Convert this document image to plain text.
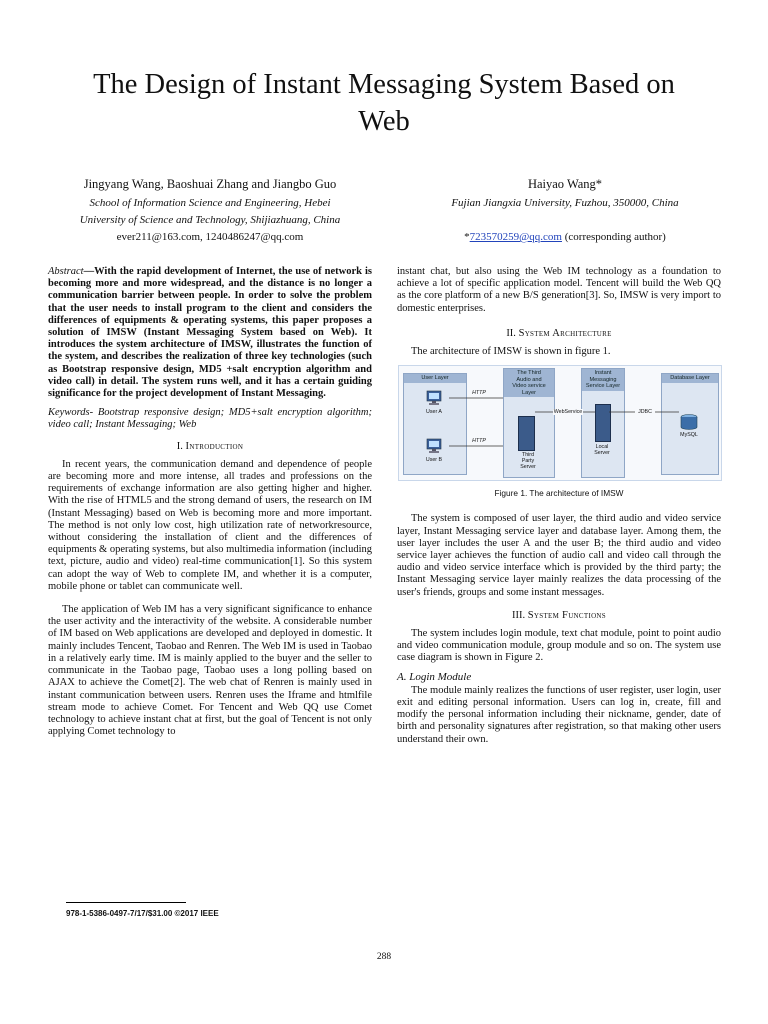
The Design of Instant Messaging System Based on
Web
Jingyang Wang, Baoshuai Zhang and Jiangbo Guo
School of Information Science and Engineering, Hebei
University of Science and Technology, Shijiazhuang, China
ever211@163.com, 1240486247@qq.com
Haiyao Wang*
Fujian Jiangxia University, Fuzhou, 350000, China
*723570259@qq.com (corresponding author)

Abstract—With the rapid development of Internet, the use of network is becoming more and more widespread, and the distance is no longer a communication barrier between people. In order to solve the problem that the user needs to install program to the client and considers the differences of equipments & operating systems, this paper proposes a solution of IMSW (Instant Messaging System based on Web). It introduces the system architecture of IMSW, illustrates the function of the system, and describes the realization of three key technologies (such as Bootstrap responsive design, MD5 +salt encryption algorithm and video call) in detail. The system runs well, and it has a certain guiding significance for the project development of Instant Messaging.

Keywords- Bootstrap responsive design; MD5+salt encryption algorithm; video call; Instant Messaging; Web

I. Introduction

In recent years, the communication demand and dependence of people are becoming more and more intense, all trades and professions on the requirements of exchange information are also getting higher and higher. With the rise of HTML5 and the strong demand of users, the research on IM (Instant Messaging) based on Web is becoming more and more important. The method is not only low cost, high utilization rate of networkresource, without considering the installation of client and the differences of equipments & operating systems, but also multimedia information (including text, picture, audio and video) real-time communication[1]. So this system can adopt the way of Web to complete IM, and whether it is a computer, mobile phone or tablet can communicate well.

The application of Web IM has a very significant significance to enhance the user activity and the interactivity of the website. A considerable number of IM based on Web applications are developed and deployed in domestic. It mainly includes Tencent, Taobao and Renren. The Web IM is used in Taobao in a relatively early time. IM is mainly applied to the buyer and the seller to communicate in the Taobao page, Taobao uses a long polling based on AJAX to achieve the Comet[2]. The web chat of Renren is mainly used in instant communication between users. Renren uses the Iframe and htmlfile stream mode to achieve Comet. For Tencent and Web QQ use Comet technology to achieve instant chat at first, but the goal of Tencent is not only applying Comet technology to

instant chat, but also using the Web IM technology as a foundation to achieve a lot of specific application model. Tencent will build the Web QQ as the core platform of a new B/S generation[3]. So, IMSW is very import to domestic enterprises.

II. System Architecture

The architecture of IMSW is shown in figure 1.

User Layer
User A
User B
The Third
Audio and
Video service
Layer
Third
Party
Server
Instant
Messaging
Service Layer
Local
Server
Database Layer
MySQL
HTTP
HTTP
WebService	JDBC

Figure 1. The architecture of IMSW

The system is composed of user layer, the third audio and video service layer, Instant Messaging service layer and database layer. Among them, the user layer includes the user A and the user B; the third audio and video service layer achieves the function of audio call and video call through the audio and video service interface which is provided by the third party; the Instant Messaging service layer mainly realizes the data processing of the user's friends, groups and some instant messages.

III. System Functions

The system includes login module, text chat module, point to point audio and video communication module, group module and so on. The system use case diagram is shown in Figure 2.

A. Login Module

The module mainly realizes the functions of user register, user login, user exit and editing personal information. Users can log in, create, fill and modify the personal information including their nickname, gender, date of birth and personality signatures after registration, so that making other users understand their own.

978-1-5386-0497-7/17/$31.00 ©2017 IEEE
288
